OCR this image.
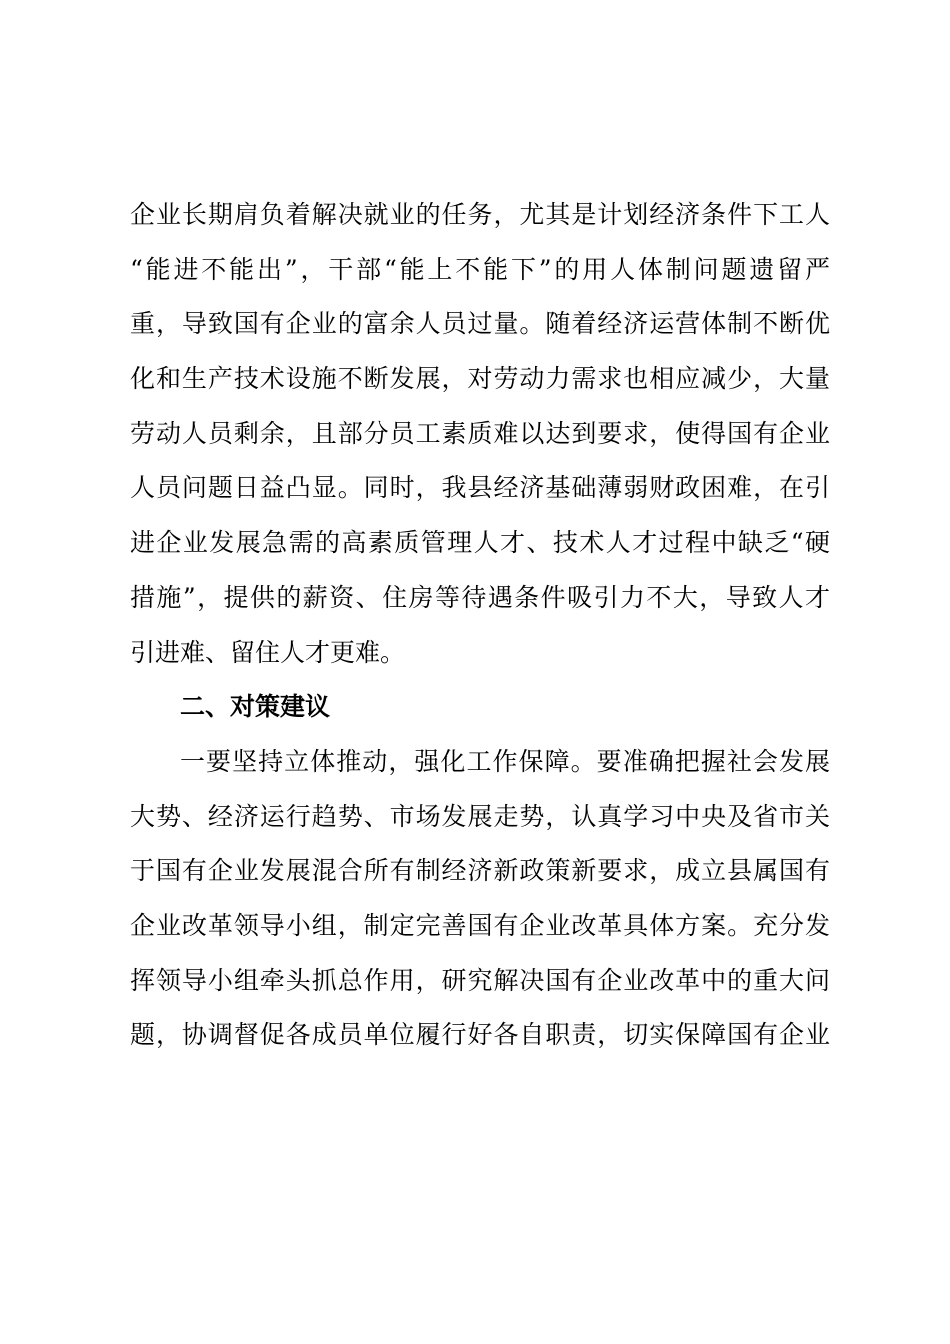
企业长期肩负着解决就业的任务，尤其是计划经济条件下工人
“能进不能出”，干部“能上不能下”的用人体制问题遗留严
重，导致国有企业的富余人员过量。随着经济运营体制不断优
化和生产技术设施不断发展，对劳动力需求也相应减少，大量
劳动人员剩余，且部分员工素质难以达到要求，使得国有企业
人员问题日益凸显。同时，我县经济基础薄弱财政困难，在引
进企业发展急需的高素质管理人才、技术人才过程中缺乏“硬
措施”，提供的薪资、住房等待遇条件吸引力不大，导致人才
引进难、留住人才更难。
二、对策建议
一要坚持立体推动，强化工作保障。要准确把握社会发展
大势、经济运行趋势、市场发展走势，认真学习中央及省市关
于国有企业发展混合所有制经济新政策新要求，成立县属国有
企业改革领导小组，制定完善国有企业改革具体方案。充分发
挥领导小组牵头抓总作用，研究解决国有企业改革中的重大问
题，协调督促各成员单位履行好各自职责，切实保障国有企业
